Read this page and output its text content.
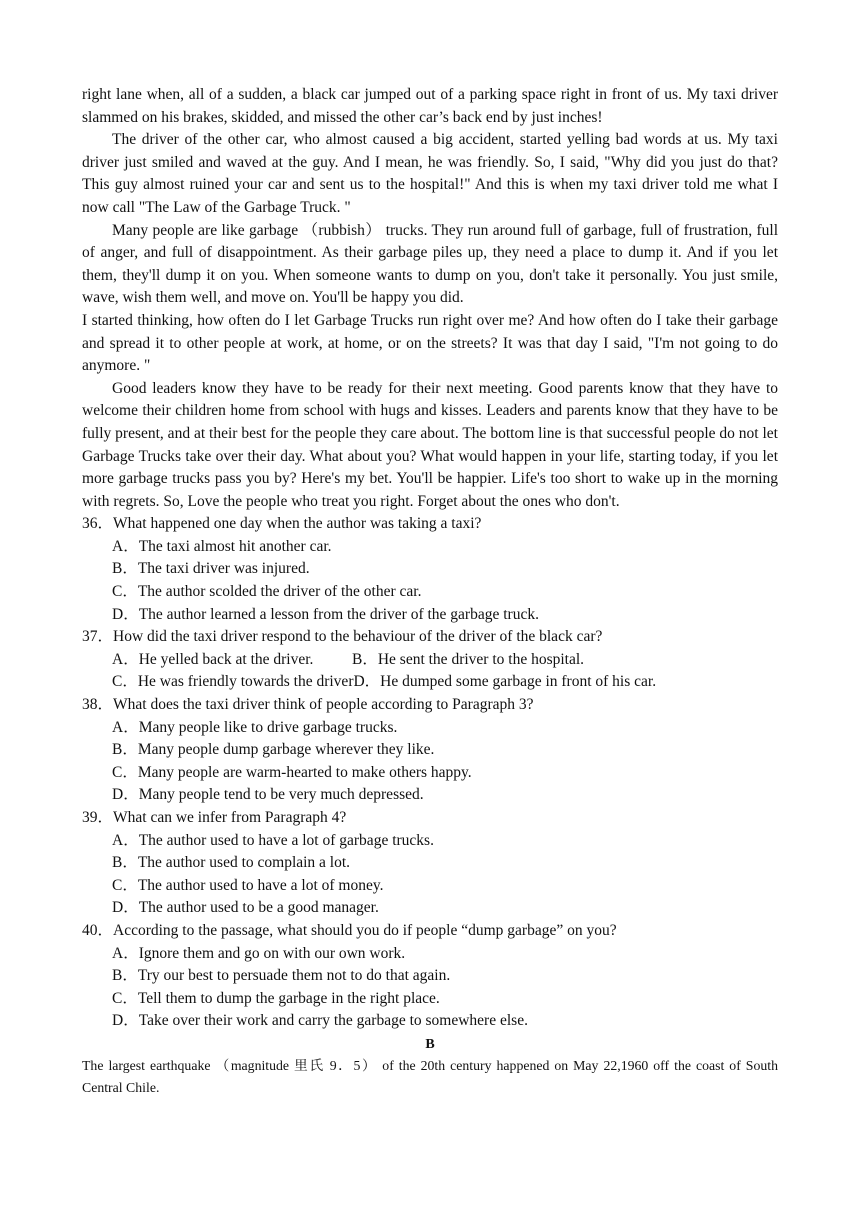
right lane when, all of a sudden, a black car jumped out of a parking space right in front of us. My taxi driver slammed on his brakes, skidded, and missed the other car’s back end by just inches!

The driver of the other car, who almost caused a big accident, started yelling bad words at us. My taxi driver just smiled and waved at the guy. And I mean, he was friendly. So, I said, "Why did you just do that? This guy almost ruined your car and sent us to the hospital!" And this is when my taxi driver told me what I now call "The Law of the Garbage Truck. "

Many people are like garbage （rubbish） trucks. They run around full of garbage, full of frustration, full of anger, and full of disappointment. As their garbage piles up, they need a place to dump it. And if you let them, they'll dump it on you. When someone wants to dump on you, don't take it personally. You just smile, wave, wish them well, and move on. You'll be happy you did.

I started thinking, how often do I let Garbage Trucks run right over me? And how often do I take their garbage and spread it to other people at work, at home, or on the streets? It was that day I said, "I'm not going to do anymore. "

Good leaders know they have to be ready for their next meeting. Good parents know that they have to welcome their children home from school with hugs and kisses. Leaders and parents know that they have to be fully present, and at their best for the people they care about. The bottom line is that successful people do not let Garbage Trucks take over their day. What about you? What would happen in your life, starting today, if you let more garbage trucks pass you by? Here's my bet. You'll be happier. Life's too short to wake up in the morning with regrets. So, Love the people who treat you right. Forget about the ones who don't.

36．What happened one day when the author was taking a taxi?

A．The taxi almost hit another car.

B．The taxi driver was injured.

C．The author scolded the driver of the other car.

D．The author learned a lesson from the driver of the garbage truck.

37．How did the taxi driver respond to the behaviour of the driver of the black car?

A．He yelled back at the driver.	B．He sent the driver to the hospital.
C．He was friendly towards the driver D．He dumped some garbage in front of his car.

38．What does the taxi driver think of people according to Paragraph 3?

A．Many people like to drive garbage trucks.

B．Many people dump garbage wherever they like.

C．Many people are warm-hearted to make others happy.

D．Many people tend to be very much depressed.

39．What can we infer from Paragraph 4?

A．The author used to have a lot of garbage trucks.

B．The author used to complain a lot.

C．The author used to have a lot of money.

D．The author used to be a good manager.

40．According to the passage, what should you do if people “dump garbage” on you?

A．Ignore them and go on with our own work.

B．Try our best to persuade them not to do that again.

C．Tell them to dump the garbage in the right place.

D．Take over their work and carry the garbage to somewhere else.

B

The largest earthquake （magnitude 里氏 9．5） of the 20th century happened on May 22,1960 off the coast of South Central Chile.
